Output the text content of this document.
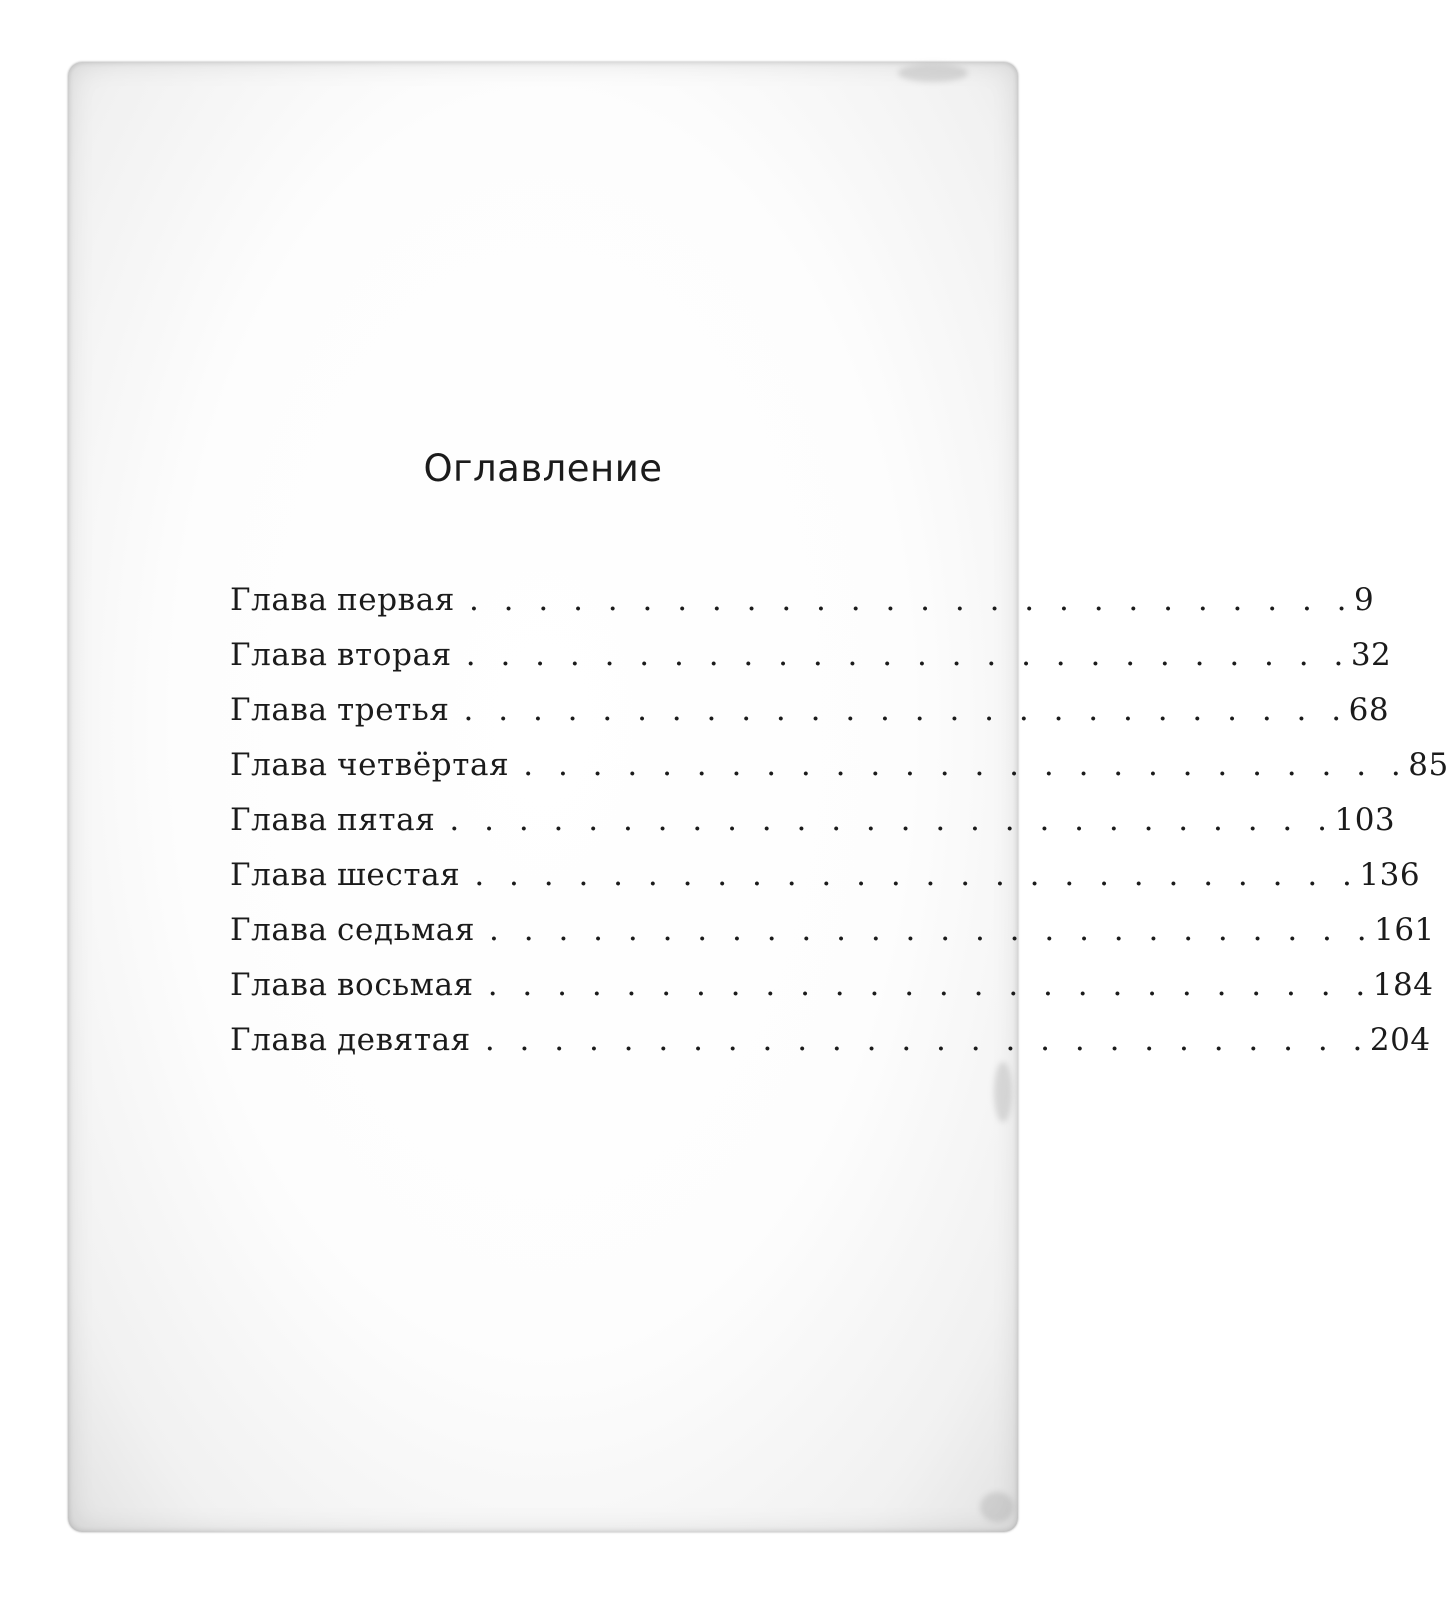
Оглавление
Глава первая . . . . . . . . . . . . . . . . . . . . . . . . . . 9
Глава вторая . . . . . . . . . . . . . . . . . . . . . . . . . . 32
Глава третья . . . . . . . . . . . . . . . . . . . . . . . . . . 68
Глава четвёртая . . . . . . . . . . . . . . . . . . . . . . . . . . 85
Глава пятая . . . . . . . . . . . . . . . . . . . . . . . . . . 103
Глава шестая . . . . . . . . . . . . . . . . . . . . . . . . . . 136
Глава седьмая . . . . . . . . . . . . . . . . . . . . . . . . . . 161
Глава восьмая . . . . . . . . . . . . . . . . . . . . . . . . . . 184
Глава девятая . . . . . . . . . . . . . . . . . . . . . . . . . . 204
